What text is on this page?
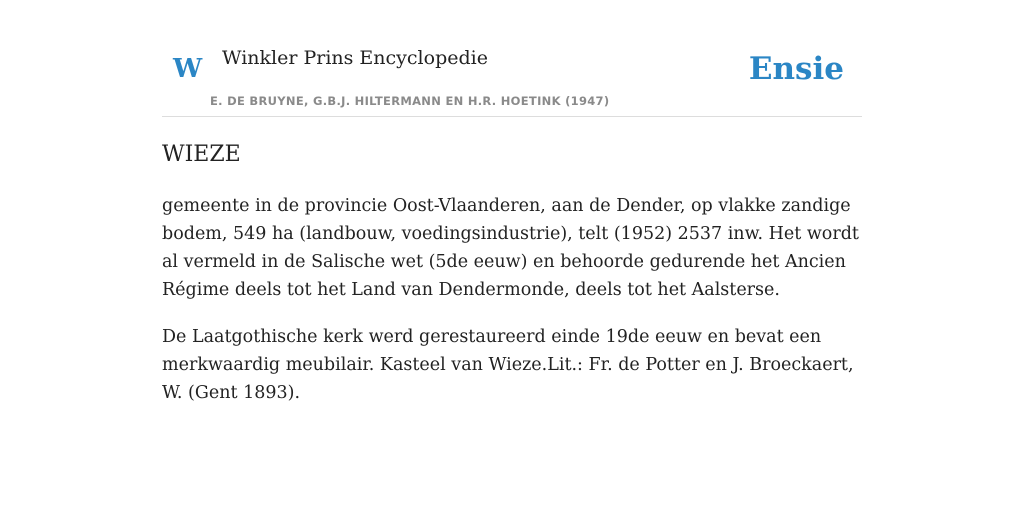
W Winkler Prins Encyclopedie
E. DE BRUYNE, G.B.J. HILTERMANN EN H.R. HOETINK (1947)
Ensie
WIEZE

gemeente in de provincie Oost-Vlaanderen, aan de Dender, op vlakke zandige bodem, 549 ha (landbouw, voedingsindustrie), telt (1952) 2537 inw. Het wordt al vermeld in de Salische wet (5de eeuw) en behoorde gedurende het Ancien Régime deels tot het Land van Dendermonde, deels tot het Aalsterse.

De Laatgothische kerk werd gerestaureerd einde 19de eeuw en bevat een merkwaardig meubilair. Kasteel van Wieze.Lit.: Fr. de Potter en J. Broeckaert, W. (Gent 1893).
